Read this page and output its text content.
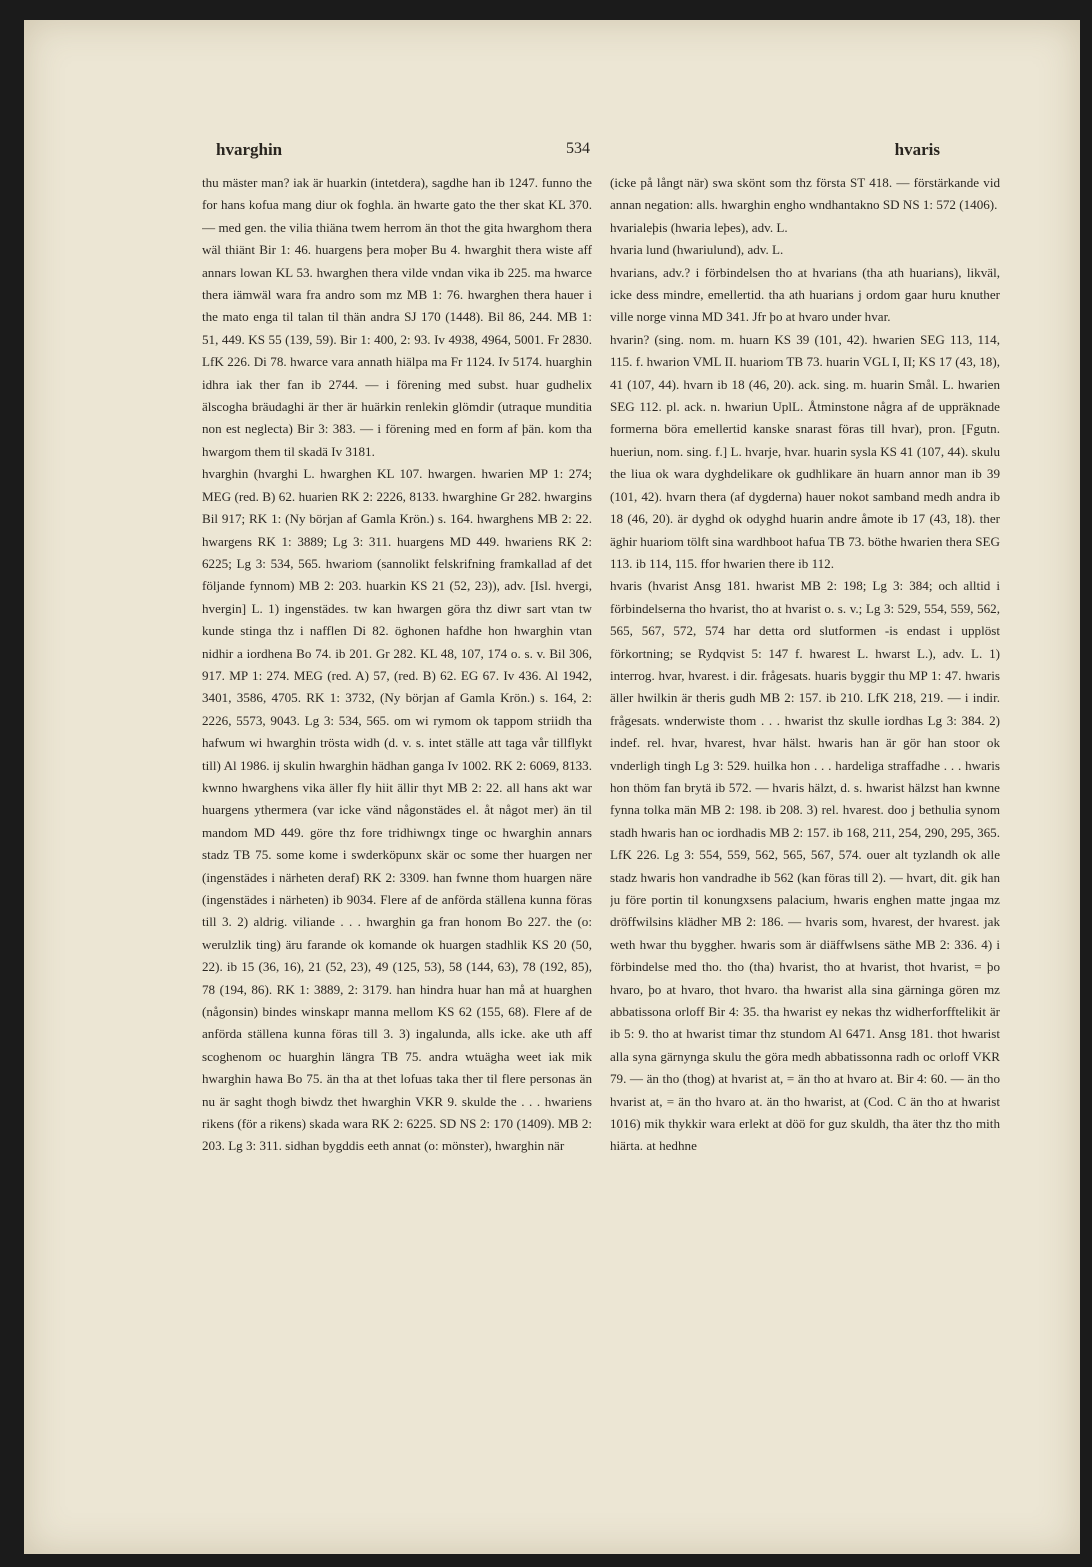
hvarghin	534	hvaris

thu mäster man? iak är huarkin (intetdera), sagdhe han ib 1247. funno the for hans kofua mang diur ok foghla. än hwarte gato the ther skat KL 370. — med gen. the vilia thiäna twem herrom än thot the gita hwarghom thera wäl thiänt Bir 1: 46. huargens þera moþer Bu 4. hwarghit thera wiste aff annars lowan KL 53. hwarghen thera vilde vndan vika ib 225. ma hwarce thera iämwäl wara fra andro som mz MB 1: 76. hwarghen thera hauer i the mato enga til talan til thän andra SJ 170 (1448). Bil 86, 244. MB 1: 51, 449. KS 55 (139, 59). Bir 1: 400, 2: 93. Iv 4938, 4964, 5001. Fr 2830. LfK 226. Di 78. hwarce vara annath hiälpa ma Fr 1124. Iv 5174. huarghin idhra iak ther fan ib 2744. — i förening med subst. huar gudhelix älscogha bräudaghi är ther är huärkin renlekin glömdir (utraque munditia non est neglecta) Bir 3: 383. — i förening med en form af þän. kom tha hwargom them til skadä Iv 3181.

hvarghin (hvarghi L. hwarghen KL 107. hwargen. hwarien MP 1: 274; MEG (red. B) 62. huarien RK 2: 2226, 8133. hwarghine Gr 282. hwargins Bil 917; RK 1: (Ny början af Gamla Krön.) s. 164. hwarghens MB 2: 22. hwargens RK 1: 3889; Lg 3: 311. huargens MD 449. hwariens RK 2: 6225; Lg 3: 534, 565. hwariom (sannolikt felskrifning framkallad af det följande fynnom) MB 2: 203. huarkin KS 21 (52, 23)), adv. [Isl. hvergi, hvergin] L. 1) ingenstädes. tw kan hwargen göra thz diwr sart vtan tw kunde stinga thz i nafflen Di 82. öghonen hafdhe hon hwarghin vtan nidhir a iordhena Bo 74. ib 201. Gr 282. KL 48, 107, 174 o. s. v. Bil 306, 917. MP 1: 274. MEG (red. A) 57, (red. B) 62. EG 67. Iv 436. Al 1942, 3401, 3586, 4705. RK 1: 3732, (Ny början af Gamla Krön.) s. 164, 2: 2226, 5573, 9043. Lg 3: 534, 565. om wi rymom ok tappom striidh tha hafwum wi hwarghin trösta widh (d. v. s. intet ställe att taga vår tillflykt till) Al 1986. ij skulin hwarghin hädhan ganga Iv 1002. RK 2: 6069, 8133. kwnno hwarghens vika äller fly hiit ällir thyt MB 2: 22. all hans akt war huargens ythermera (var icke vänd någonstädes el. åt något mer) än til mandom MD 449. göre thz fore tridhiwngx tinge oc hwarghin annars stadz TB 75. some kome i swderköpunx skär oc some ther huargen ner (ingenstädes i närheten deraf) RK 2: 3309. han fwnne thom huargen näre (ingenstädes i närheten) ib 9034. Flere af de anförda ställena kunna föras till 3. 2) aldrig. viliande . . . hwarghin ga fran honom Bo 227. the (o: werulzlik ting) äru farande ok komande ok huargen stadhlik KS 20 (50, 22). ib 15 (36, 16), 21 (52, 23), 49 (125, 53), 58 (144, 63), 78 (192, 85), 78 (194, 86). RK 1: 3889, 2: 3179. han hindra huar han må at huarghen (någonsin) bindes winskapr manna mellom KS 62 (155, 68). Flere af de anförda ställena kunna föras till 3. 3) ingalunda, alls icke. ake uth aff scoghenom oc huarghin längra TB 75. andra wtuägha weet iak mik hwarghin hawa Bo 75. än tha at thet lofuas taka ther til flere personas än nu är saght thogh biwdz thet hwarghin VKR 9. skulde the . . . hwariens rikens (för a rikens) skada wara RK 2: 6225. SD NS 2: 170 (1409). MB 2: 203. Lg 3: 311. sidhan bygddis eeth annat (o: mönster), hwarghin när

(icke på långt när) swa skönt som thz första ST 418. — förstärkande vid annan negation: alls. hwarghin engho wndhantakno SD NS 1: 572 (1406).

hvarialeþis (hwaria leþes), adv. L.

hvaria lund (hwariulund), adv. L.

hvarians, adv.? i förbindelsen tho at hvarians (tha ath huarians), likväl, icke dess mindre, emellertid. tha ath huarians j ordom gaar huru knuther ville norge vinna MD 341. Jfr þo at hvaro under hvar.

hvarin? (sing. nom. m. huarn KS 39 (101, 42). hwarien SEG 113, 114, 115. f. hwarion VML II. huariom TB 73. huarin VGL I, II; KS 17 (43, 18), 41 (107, 44). hvarn ib 18 (46, 20). ack. sing. m. huarin Smål. L. hwarien SEG 112. pl. ack. n. hwariun UplL. Åtminstone några af de uppräknade formerna böra emellertid kanske snarast föras till hvar), pron. [Fgutn. hueriun, nom. sing. f.] L. hvarje, hvar. huarin sysla KS 41 (107, 44). skulu the liua ok wara dyghdelikare ok gudhlikare än huarn annor man ib 39 (101, 42). hvarn thera (af dygderna) hauer nokot samband medh andra ib 18 (46, 20). är dyghd ok odyghd huarin andre åmote ib 17 (43, 18). ther äghir huariom tölft sina wardhboot hafua TB 73. böthe hwarien thera SEG 113. ib 114, 115. ffor hwarien there ib 112.

hvaris (hvarist Ansg 181. hwarist MB 2: 198; Lg 3: 384; och alltid i förbindelserna tho hvarist, tho at hvarist o. s. v.; Lg 3: 529, 554, 559, 562, 565, 567, 572, 574 har detta ord slutformen -is endast i upplöst förkortning; se Rydqvist 5: 147 f. hwarest L. hwarst L.), adv. L. 1) interrog. hvar, hvarest. i dir. frågesats. huaris byggir thu MP 1: 47. hwaris äller hwilkin är theris gudh MB 2: 157. ib 210. LfK 218, 219. — i indir. frågesats. wnderwiste thom . . . hwarist thz skulle iordhas Lg 3: 384. 2) indef. rel. hvar, hvarest, hvar hälst. hwaris han är gör han stoor ok vnderligh tingh Lg 3: 529. huilka hon . . . hardeliga straffadhe . . . hwaris hon thöm fan brytä ib 572. — hvaris hälzt, d. s. hwarist hälzst han kwnne fynna tolka män MB 2: 198. ib 208. 3) rel. hvarest. doo j bethulia synom stadh hwaris han oc iordhadis MB 2: 157. ib 168, 211, 254, 290, 295, 365. LfK 226. Lg 3: 554, 559, 562, 565, 567, 574. ouer alt tyzlandh ok alle stadz hwaris hon vandradhe ib 562 (kan föras till 2). — hvart, dit. gik han ju före portin til konungxsens palacium, hwaris enghen matte jngaa mz dröffwilsins klädher MB 2: 186. — hvaris som, hvarest, der hvarest. jak weth hwar thu byggher. hwaris som är diäffwlsens säthe MB 2: 336. 4) i förbindelse med tho. tho (tha) hvarist, tho at hvarist, thot hvarist, = þo hvaro, þo at hvaro, thot hvaro. tha hwarist alla sina gärninga gören mz abbatissona orloff Bir 4: 35. tha hwarist ey nekas thz widherforfftelikit är ib 5: 9. tho at hwarist timar thz stundom Al 6471. Ansg 181. thot hwarist alla syna gärnynga skulu the göra medh abbatissonna radh oc orloff VKR 79. — än tho (thog) at hvarist at, = än tho at hvaro at. Bir 4: 60. — än tho hvarist at, = än tho hvaro at. än tho hwarist, at (Cod. C än tho at hwarist 1016) mik thykkir wara erlekt at döö for guz skuldh, tha äter thz tho mith hiärta. at hedhne
